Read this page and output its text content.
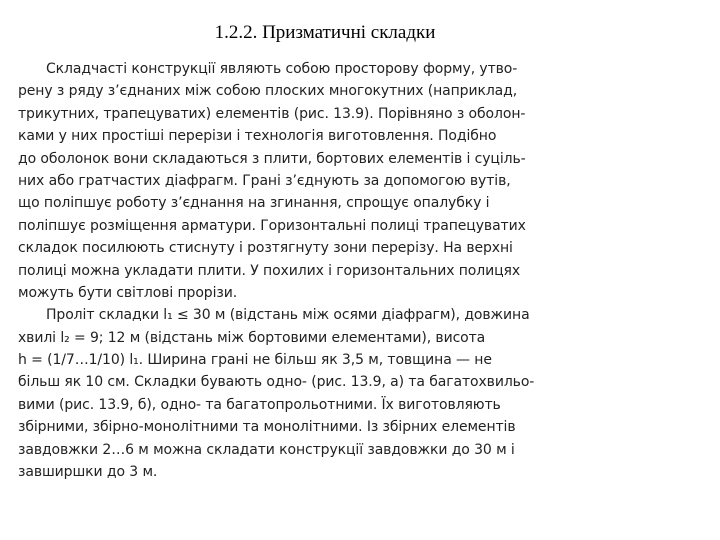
1.2.2. Призматичні складки
Складчасті конструкції являють собою просторову форму, утво-
рену з ряду з’єднаних між собою плоских многокутних (наприклад,
трикутних, трапецуватих) елементів (рис. 13.9). Порівняно з оболон-
ками у них простіші перерізи і технологія виготовлення. Подібно
до оболонок вони складаються з плити, бортових елементів і суціль-
них або гратчастих діафрагм. Грані з’єднують за допомогою вутів,
що поліпшує роботу з’єднання на згинання, спрощує опалубку і
поліпшує розміщення арматури. Горизонтальні полиці трапецуватих
складок посилюють стиснуту і розтягнуту зони перерізу. На верхні
полиці можна укладати плити. У похилих і горизонтальних полицях
можуть бути світлові прорізи.
Проліт складки l₁ ≤ 30 м (відстань між осями діафрагм), довжина
хвилі l₂ = 9; 12 м (відстань між бортовими елементами), висота
h = (1/7…1/10) l₁. Ширина грані не більш як 3,5 м, товщина — не
більш як 10 см. Складки бувають одно- (рис. 13.9, а) та багатохвильо-
вими (рис. 13.9, б), одно- та багатопрольотними. Їх виготовляють
збірними, збірно-монолітними та монолітними. Із збірних елементів
завдовжки 2…6 м можна складати конструкції завдовжки до 30 м і
завширшки до 3 м.
